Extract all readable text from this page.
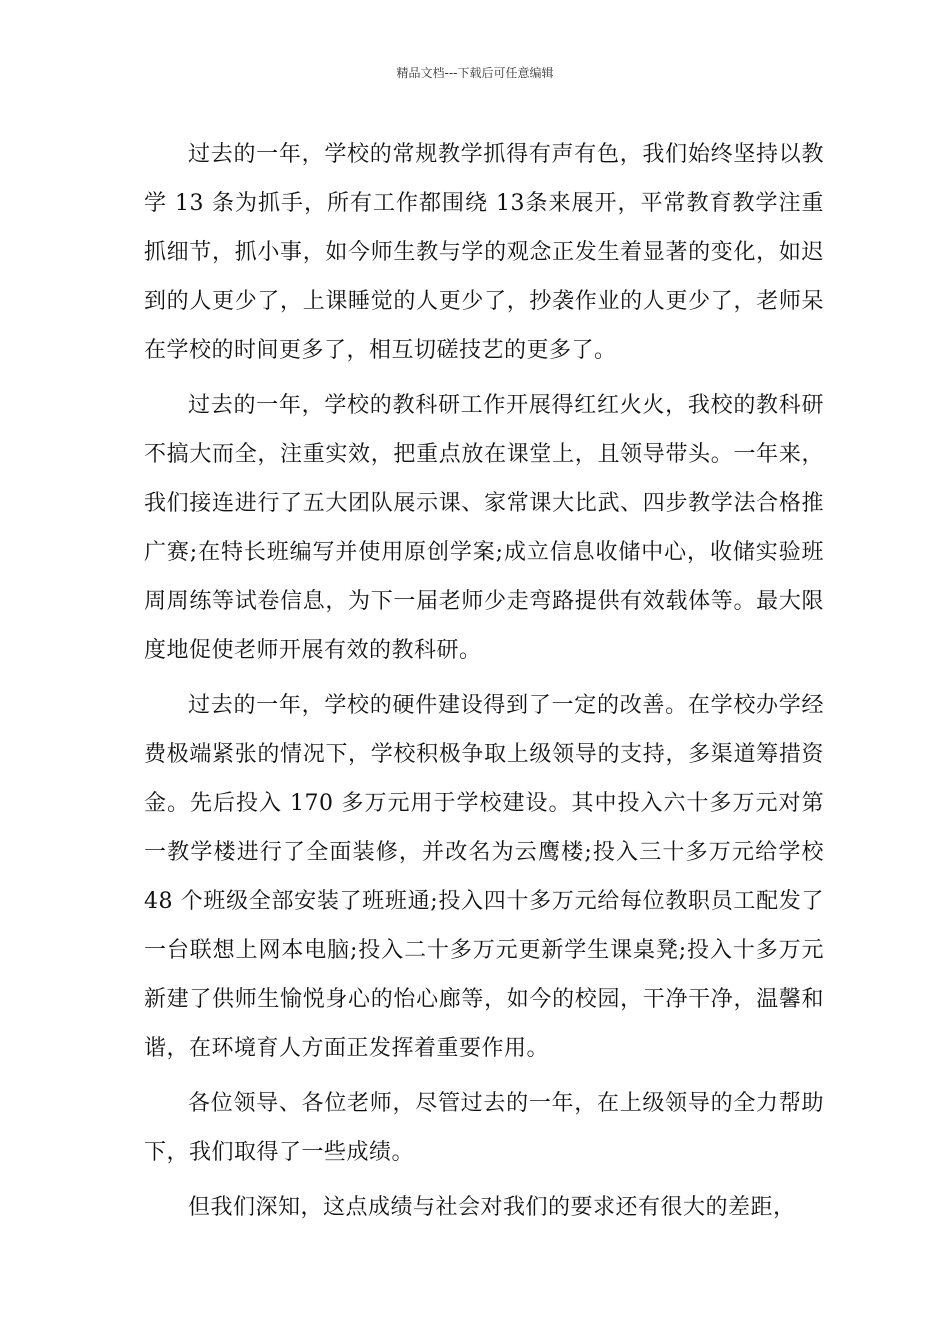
精品文档---下载后可任意编辑

过去的一年，学校的常规教学抓得有声有色，我们始终坚持以教学 13 条为抓手，所有工作都围绕 13条来展开，平常教育教学注重抓细节，抓小事，如今师生教与学的观念正发生着显著的变化，如迟到的人更少了，上课睡觉的人更少了，抄袭作业的人更少了，老师呆在学校的时间更多了，相互切磋技艺的更多了。

过去的一年，学校的教科研工作开展得红红火火，我校的教科研不搞大而全，注重实效，把重点放在课堂上，且领导带头。一年来，我们接连进行了五大团队展示课、家常课大比武、四步教学法合格推广赛;在特长班编写并使用原创学案;成立信息收储中心，收储实验班周周练等试卷信息，为下一届老师少走弯路提供有效载体等。最大限度地促使老师开展有效的教科研。

过去的一年，学校的硬件建设得到了一定的改善。在学校办学经费极端紧张的情况下，学校积极争取上级领导的支持，多渠道筹措资金。先后投入 170 多万元用于学校建设。其中投入六十多万元对第一教学楼进行了全面装修，并改名为云鹰楼;投入三十多万元给学校 48 个班级全部安装了班班通;投入四十多万元给每位教职员工配发了一台联想上网本电脑;投入二十多万元更新学生课桌凳;投入十多万元新建了供师生愉悦身心的怡心廊等，如今的校园，干净干净，温馨和谐，在环境育人方面正发挥着重要作用。

各位领导、各位老师，尽管过去的一年，在上级领导的全力帮助下，我们取得了一些成绩。

但我们深知，这点成绩与社会对我们的要求还有很大的差距，
